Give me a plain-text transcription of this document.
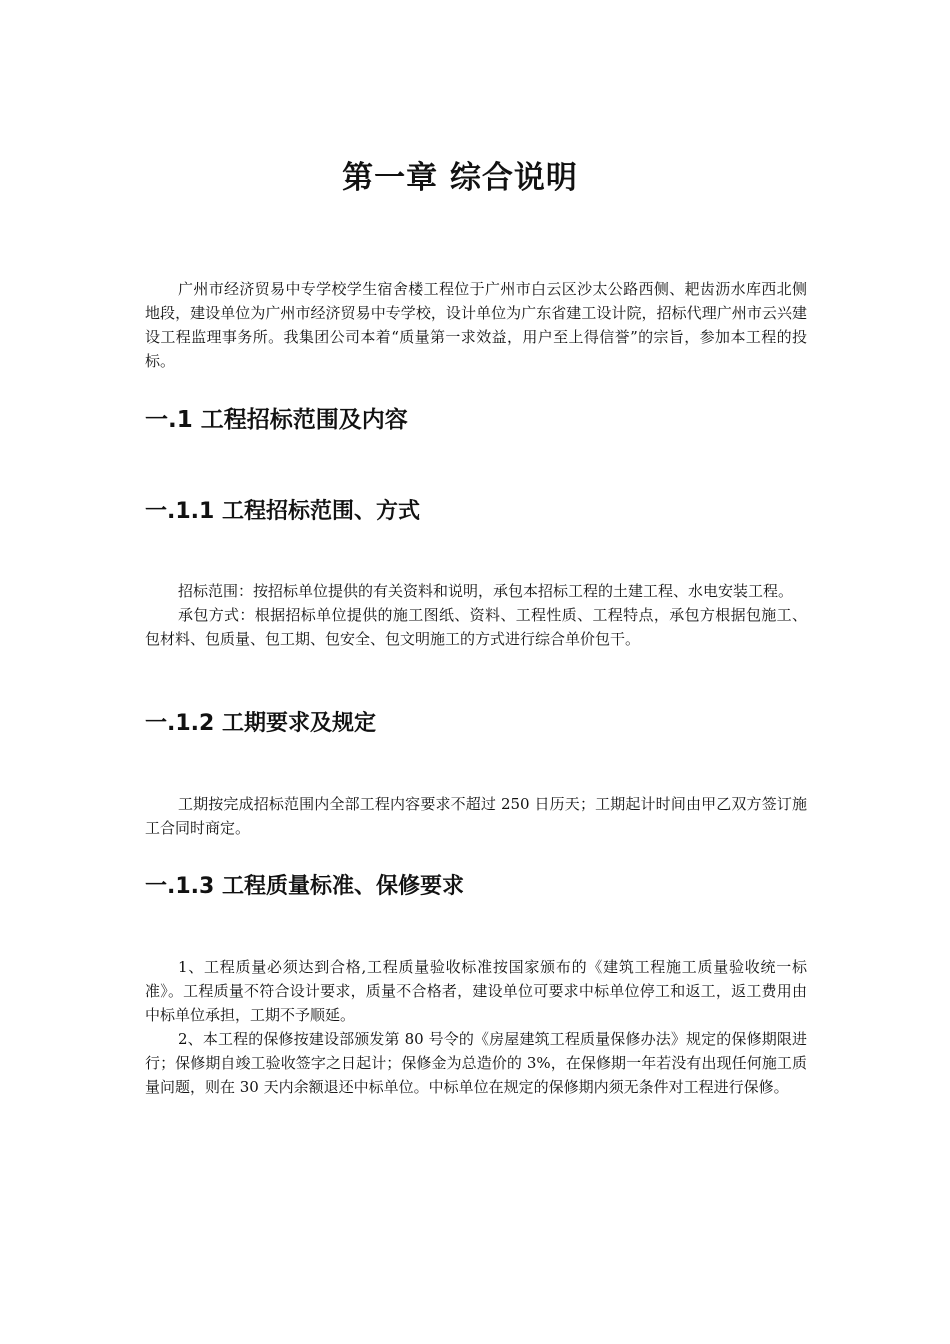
第一章 综合说明

广州市经济贸易中专学校学生宿舍楼工程位于广州市白云区沙太公路西侧、耙齿沥水库西北侧地段，建设单位为广州市经济贸易中专学校，设计单位为广东省建工设计院，招标代理广州市云兴建设工程监理事务所。我集团公司本着“质量第一求效益，用户至上得信誉”的宗旨，参加本工程的投标。

一.1 工程招标范围及内容
一.1.1 工程招标范围、方式

招标范围：按招标单位提供的有关资料和说明，承包本招标工程的土建工程、水电安装工程。

承包方式：根据招标单位提供的施工图纸、资料、工程性质、工程特点，承包方根据包施工、包材料、包质量、包工期、包安全、包文明施工的方式进行综合单价包干。

一.1.2 工期要求及规定

工期按完成招标范围内全部工程内容要求不超过 250 日历天；工期起计时间由甲乙双方签订施工合同时商定。

一.1.3 工程质量标准、保修要求

1、工程质量必须达到合格,工程质量验收标准按国家颁布的《建筑工程施工质量验收统一标准》。工程质量不符合设计要求，质量不合格者，建设单位可要求中标单位停工和返工，返工费用由中标单位承担，工期不予顺延。

2、本工程的保修按建设部颁发第 80 号令的《房屋建筑工程质量保修办法》规定的保修期限进行；保修期自竣工验收签字之日起计；保修金为总造价的 3%，在保修期一年若没有出现任何施工质量问题，则在 30 天内余额退还中标单位。中标单位在规定的保修期内须无条件对工程进行保修。
